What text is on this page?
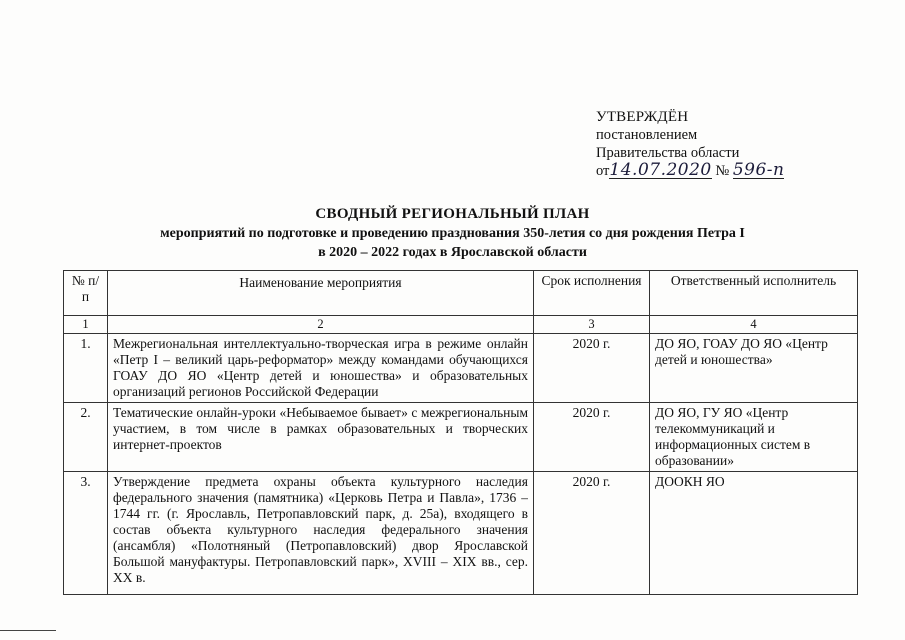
УТВЕРЖДЁН
постановлением
Правительства области
от14.07.2020 № 596-п
СВОДНЫЙ РЕГИОНАЛЬНЫЙ ПЛАН
мероприятий по подготовке и проведению празднования 350-летия со дня рождения Петра I
в 2020 – 2022 годах в Ярославской области
№ п/п	Наименование мероприятия	Срок исполнения	Ответственный исполнитель
1	2	3	4
1.	Межрегиональная интеллектуально-творческая игра в режиме онлайн «Петр I – великий царь-реформатор» между командами обучающихся ГОАУ ДО ЯО «Центр детей и юношества» и образовательных организаций регионов Российской Федерации	2020 г.	ДО ЯО, ГОАУ ДО ЯО «Центр детей и юношества»
2.	Тематические онлайн-уроки «Небываемое бывает» с межрегиональным участием, в том числе в рамках образовательных и творческих интернет-проектов	2020 г.	ДО ЯО, ГУ ЯО «Центр телекоммуникаций и информационных систем в образовании»
3.	Утверждение предмета охраны объекта культурного наследия федерального значения (памятника) «Церковь Петра и Павла», 1736 – 1744 гг. (г. Ярославль, Петропавловский парк, д. 25а), входящего в состав объекта культурного наследия федерального значения (ансамбля) «Полотняный (Петропавловский) двор Ярославской Большой мануфактуры. Петропавловский парк», XVIII – XIX вв., сер. XX в.	2020 г.	ДООКН ЯО
